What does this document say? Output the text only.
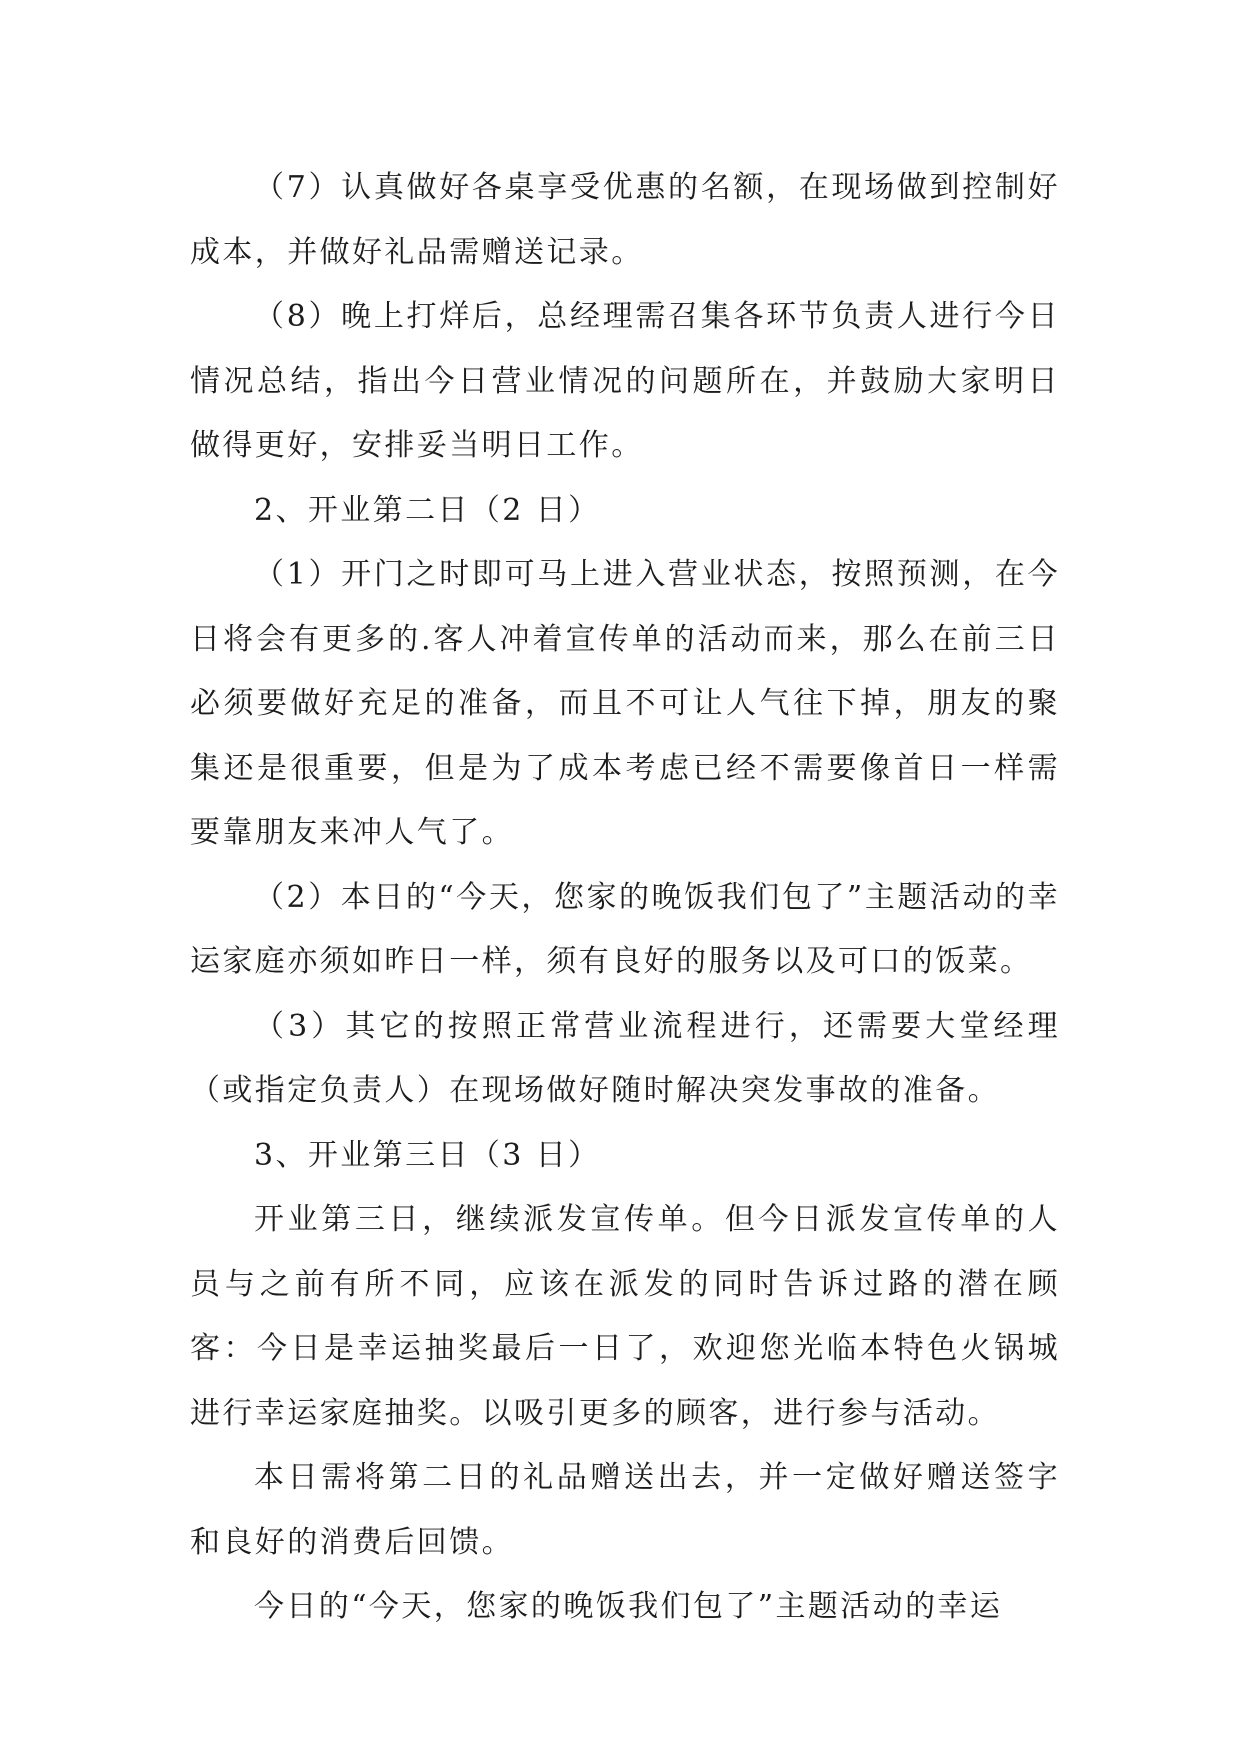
（7）认真做好各桌享受优惠的名额，在现场做到控制好成本，并做好礼品需赠送记录。

（8）晚上打烊后，总经理需召集各环节负责人进行今日情况总结，指出今日营业情况的问题所在，并鼓励大家明日做得更好，安排妥当明日工作。

2、开业第二日（2 日）

（1）开门之时即可马上进入营业状态，按照预测，在今日将会有更多的.客人冲着宣传单的活动而来，那么在前三日必须要做好充足的准备，而且不可让人气往下掉，朋友的聚集还是很重要，但是为了成本考虑已经不需要像首日一样需要靠朋友来冲人气了。

（2）本日的“今天，您家的晚饭我们包了”主题活动的幸运家庭亦须如昨日一样，须有良好的服务以及可口的饭菜。

（3）其它的按照正常营业流程进行，还需要大堂经理（或指定负责人）在现场做好随时解决突发事故的准备。

3、开业第三日（3 日）

开业第三日，继续派发宣传单。但今日派发宣传单的人员与之前有所不同，应该在派发的同时告诉过路的潜在顾客：今日是幸运抽奖最后一日了，欢迎您光临本特色火锅城进行幸运家庭抽奖。以吸引更多的顾客，进行参与活动。

本日需将第二日的礼品赠送出去，并一定做好赠送签字和良好的消费后回馈。

今日的“今天，您家的晚饭我们包了”主题活动的幸运
